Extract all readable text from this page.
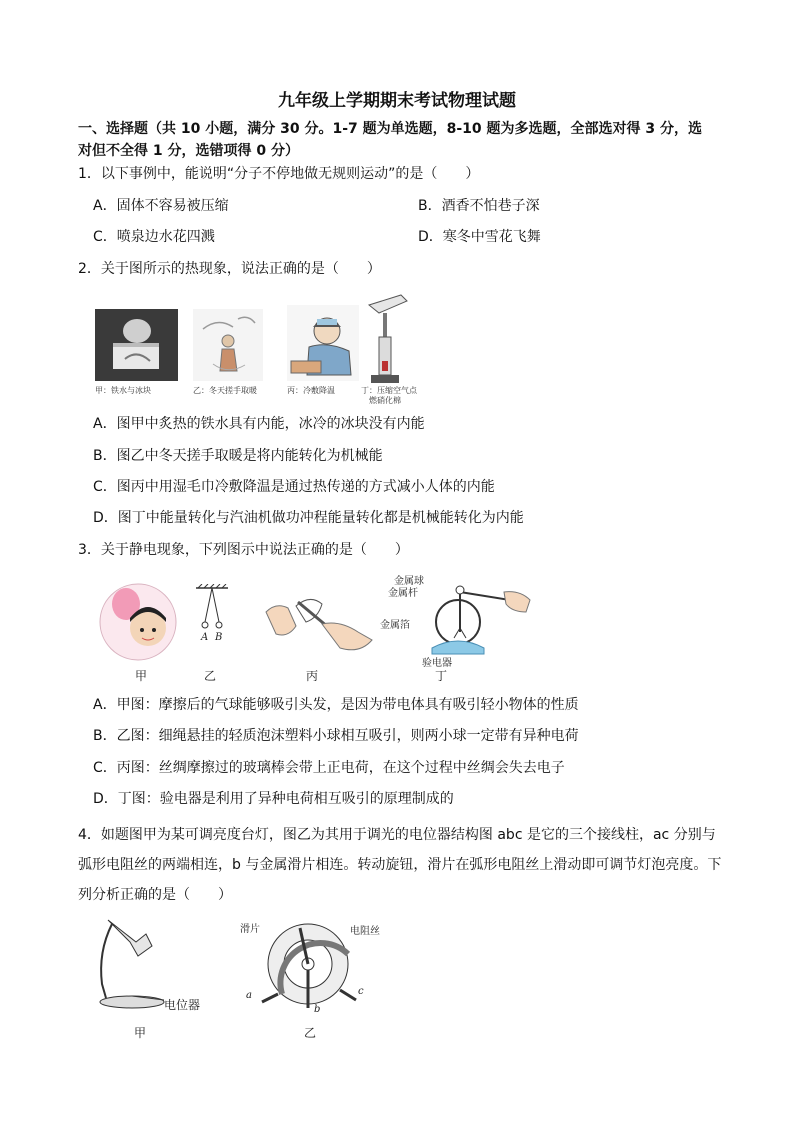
九年级上学期期末考试物理试题
一、选择题（共 10 小题，满分 30 分。1-7 题为单选题，8-10 题为多选题，全部选对得 3 分，选
对但不全得 1 分，选错项得 0 分）
1．以下事例中，能说明“分子不停地做无规则运动”的是（　　）
A．固体不容易被压缩	B．酒香不怕巷子深
C．喷泉边水花四溅	D．寒冬中雪花飞舞
2．关于图所示的热现象，说法正确的是（　　）
甲：铁水与冰块	乙：冬天搓手取暖	丙：冷敷降温	丁：压缩空气点
燃硝化棉
A．图甲中炙热的铁水具有内能，冰冷的冰块没有内能
B．图乙中冬天搓手取暖是将内能转化为机械能
C．图丙中用湿毛巾冷敷降温是通过热传递的方式减小人体的内能
D．图丁中能量转化与汽油机做功冲程能量转化都是机械能转化为内能
3．关于静电现象，下列图示中说法正确的是（　　）
A B
金属球
金属杆
金属箔
验电器
甲	乙	丙	丁
A．甲图：摩擦后的气球能够吸引头发，是因为带电体具有吸引轻小物体的性质
B．乙图：细绳悬挂的轻质泡沫塑料小球相互吸引，则两小球一定带有异种电荷
C．丙图：丝绸摩擦过的玻璃棒会带上正电荷，在这个过程中丝绸会失去电子
D．丁图：验电器是利用了异种电荷相互吸引的原理制成的
4．如题图甲为某可调亮度台灯，图乙为其用于调光的电位器结构图 abc 是它的三个接线柱，ac 分别与
弧形电阻丝的两端相连，b 与金属滑片相连。转动旋钮，滑片在弧形电阻丝上滑动即可调节灯泡亮度。下
列分析正确的是（　　）
电位器
甲
滑片	电阻丝
a
b
c
乙
